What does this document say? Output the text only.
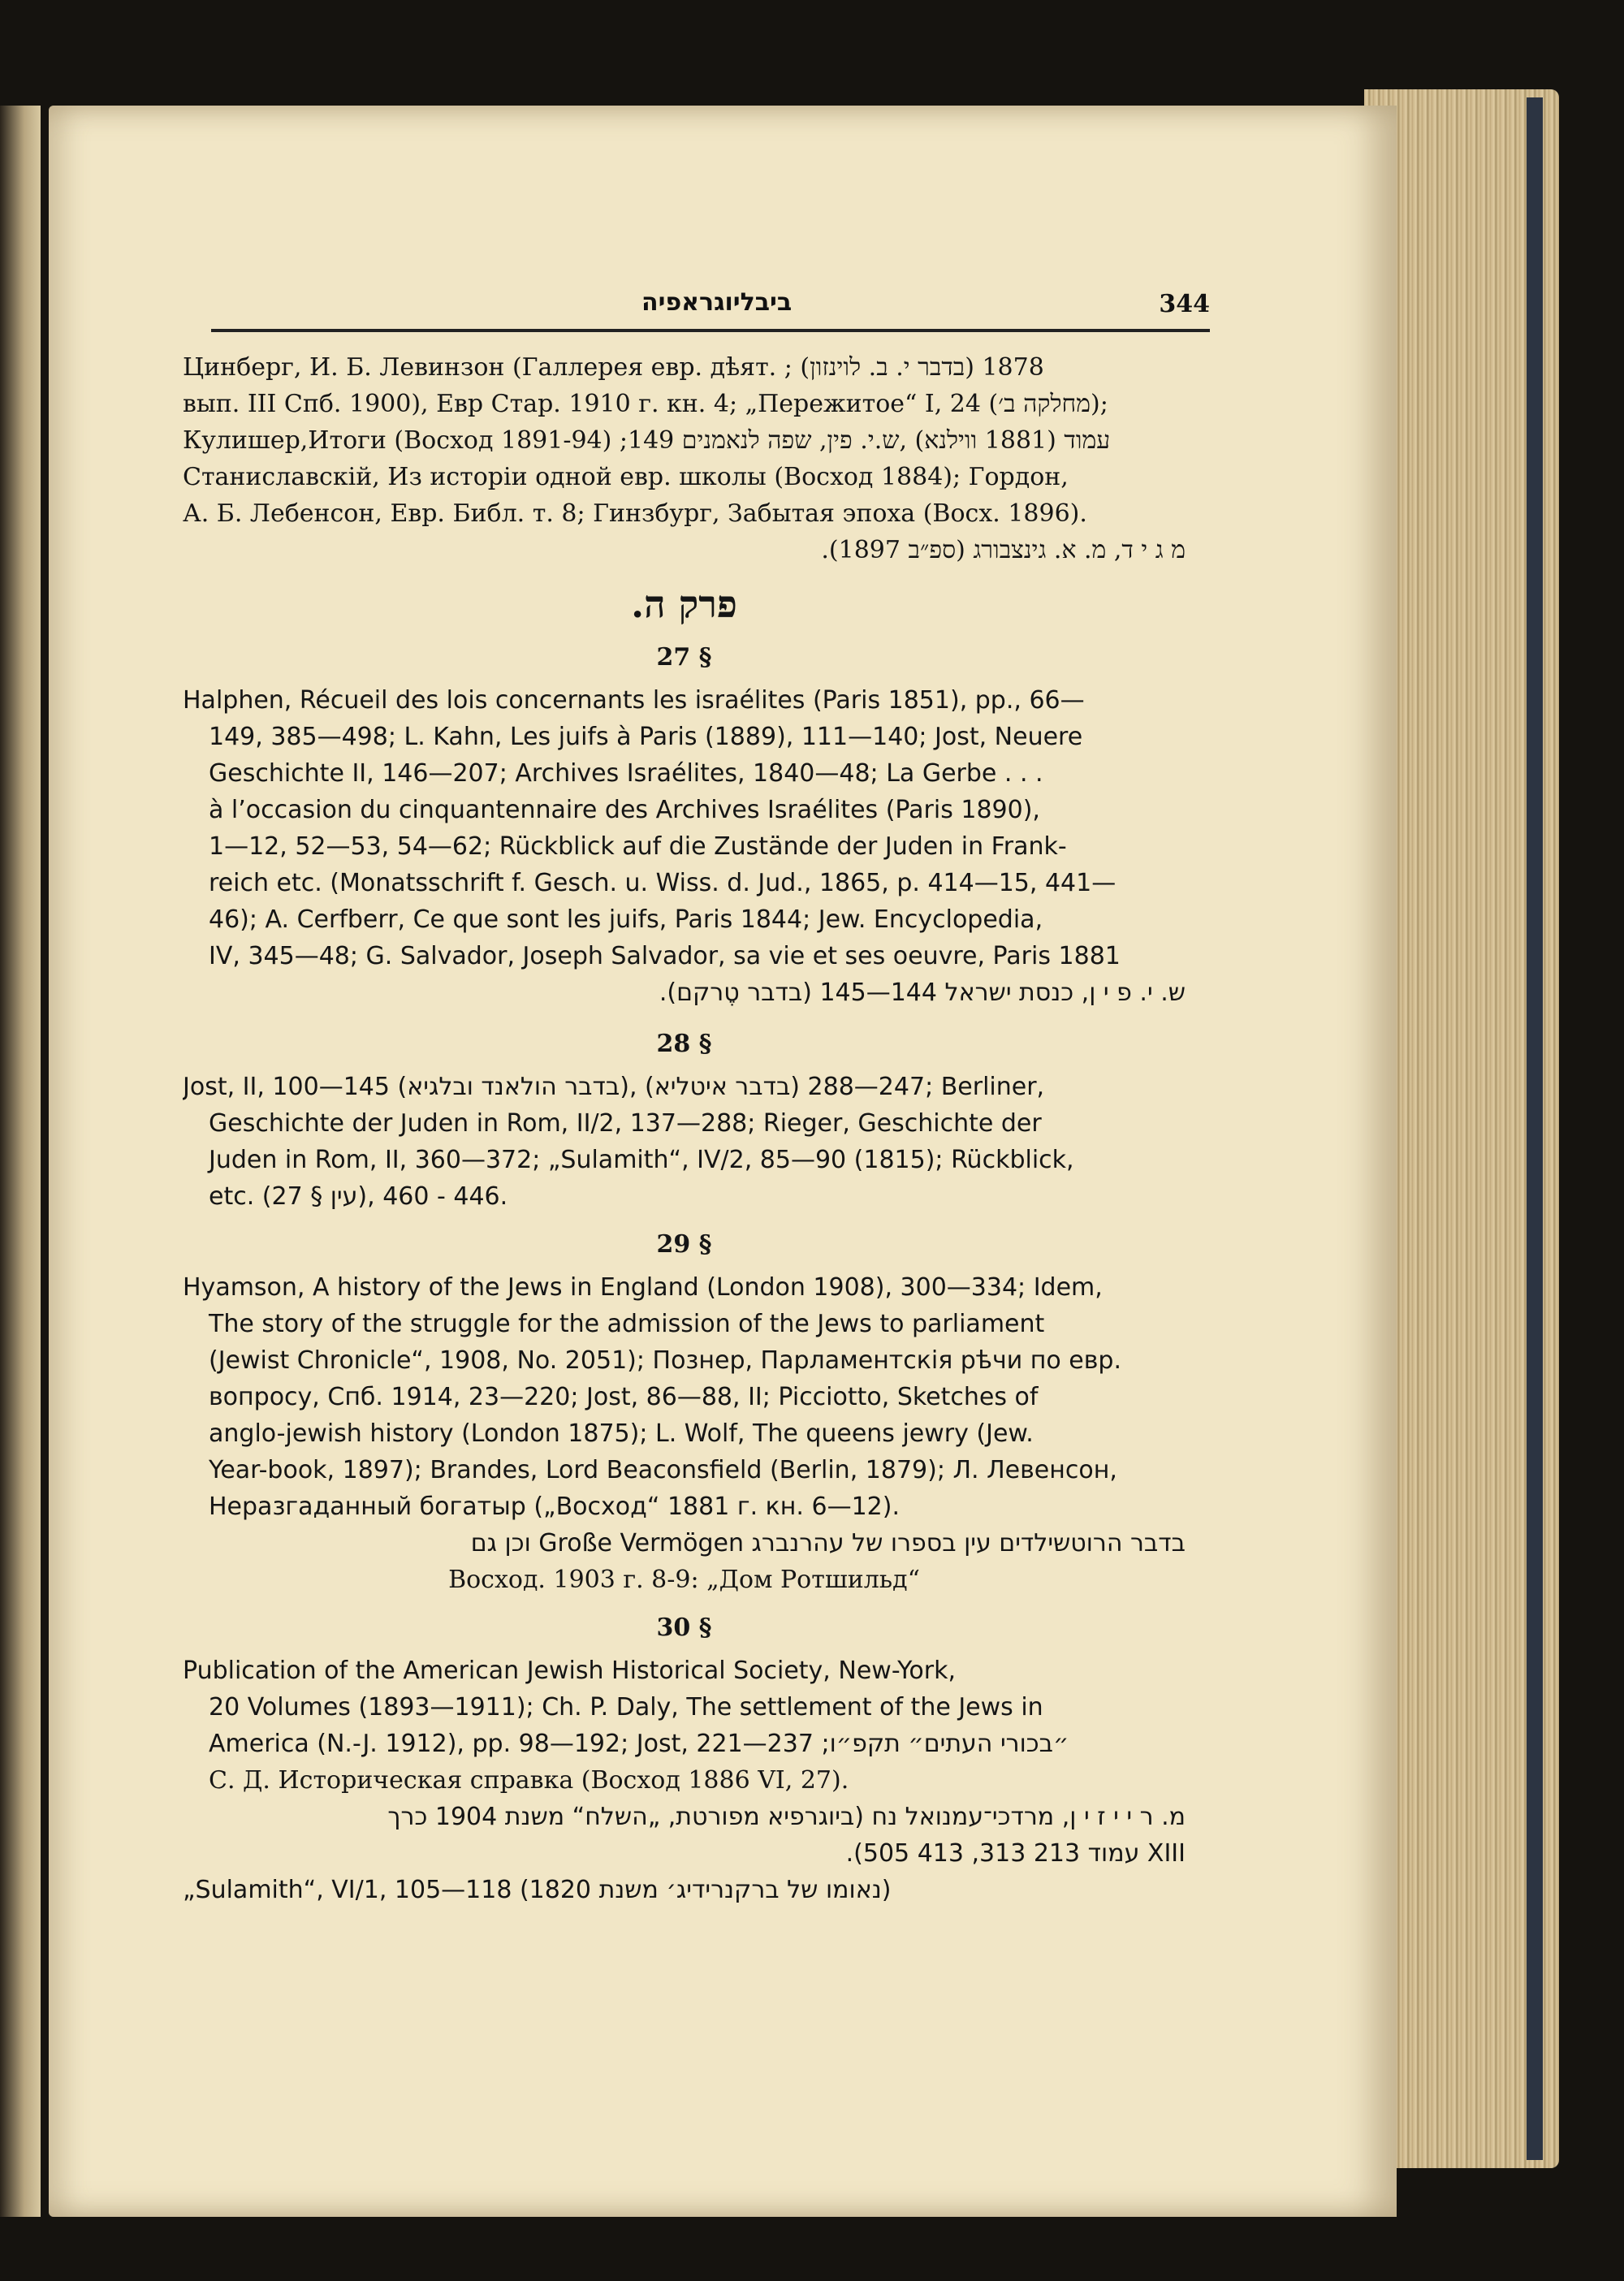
ביבליוגראפיה	344
Цинберг, И. Б. Левинзон (Галлерея евр. дѣят. ; (בדבר י. ב. לוינזון) 1878
вып. III Спб. 1900), Евр Стар. 1910 г. кн. 4; „Пережитое“ I, 24 (מחלקה ב׳);
Кулишер,Итоги (Восход 1891-94) ;149 עמוד (1881 ווילנא) ,ש.י. פין, שפה לנאמנים
Станиславскій, Из исторіи одной евр. школы (Восход 1884); Гордон,
А. Б. Лебенсон, Евр. Библ. т. 8; Гинзбург, Забытая эпоха (Восх. 1896).
מ ג י ד, מ. א. גינצבורג (ספ״ב 1897).
פרק ה.
27 §
Halphen, Récueil des lois concernants les israélites (Paris 1851), pp., 66—
149, 385—498; L. Kahn, Les juifs à Paris (1889), 111—140; Jost, Neuere
Geschichte II, 146—207; Archives Israélites, 1840—48; La Gerbe . . .
à l’occasion du cinquantennaire des Archives Israélites (Paris 1890),
1—12, 52—53, 54—62; Rückblick auf die Zustände der Juden in Frank-
reich etc. (Monatsschrift f. Gesch. u. Wiss. d. Jud., 1865, p. 414—15, 441—
46); A. Cerfberr, Ce que sont les juifs, Paris 1844; Jew. Encyclopedia,
IV, 345—48; G. Salvador, Joseph Salvador, sa vie et ses oeuvre, Paris 1881
ש. י. פ י ן, כנסת ישראל 144—145 (בדבר טֶרקם).
28 §
Jost, II, 100—145 (בדבר הולאנד ובלגיא), 247—288 (בדבר איטליא); Berliner,
Geschichte der Juden in Rom, II/2, 137—288; Rieger, Geschichte der
Juden in Rom, II, 360—372; „Sulamith“, IV/2, 85—90 (1815); Rückblick,
etc. (27 § עין), 446 - 460.
29 §
Hyamson, A history of the Jews in England (London 1908), 300—334; Idem,
The story of the struggle for the admission of the Jews to parliament
(Jewist Chronicle“, 1908, No. 2051); Познер, Парламентскія рѣчи по евр.
вопросу, Спб. 1914, 23—220; Jost, 86—88, II; Picciotto, Sketches of
anglo-jewish history (London 1875); L. Wolf, The queens jewry (Jew.
Year-book, 1897); Brandes, Lord Beaconsfield (Berlin, 1879); Л. Левенсон,
Неразгаданный богатыр („Восход“ 1881 г. кн. 6—12).
בדבר הרוטשילדים עין בספרו של עהרנברג Große Vermögen וכן גם
Восход. 1903 г. 8-9: „Дом Ротшильд“
30 §
Publication of the American Jewish Historical Society, New-York,
20 Volumes (1893—1911); Ch. P. Daly, The settlement of the Jews in
America (N.-J. 1912), pp. 98—192; Jost, 221—237 ;״בכורי העתים״ תקפ״ו
С. Д. Историческая справка (Восход 1886 VI, 27).
מ. ר י י ז י ן, מרדכי־עמנואל נח (ביוגרפיא מפורטת, „השלח“ משנת 1904 כרך
XIII עמוד 213 313, 413 505).
„Sulamith“, VI/1, 105—118 (נאומו של ברקנרידיג׳ משנת 1820)
